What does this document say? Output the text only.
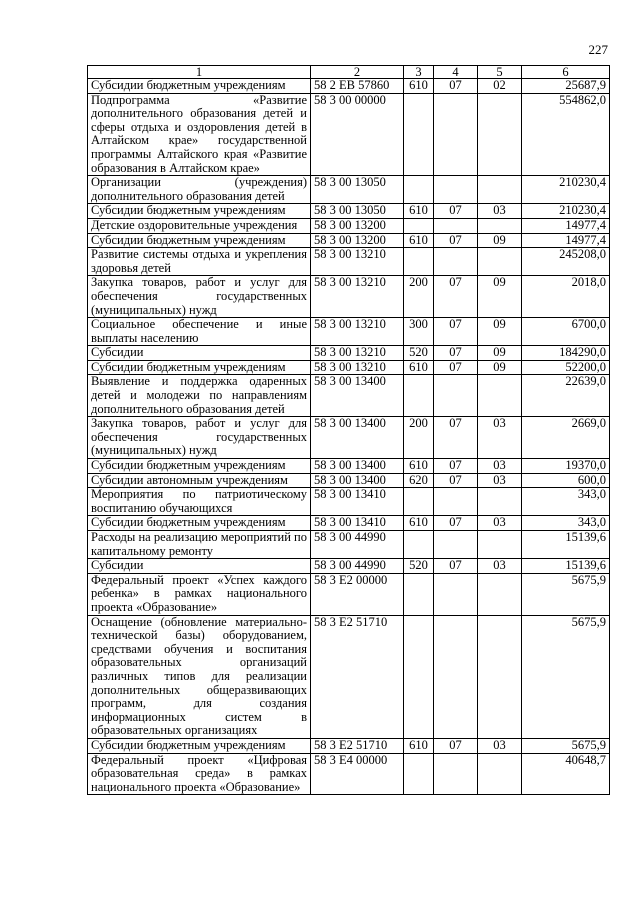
227
1	2	3	4	5	6
Субсидии бюджетным учреждениям	58 2 EB 57860	610	07	02	25687,9
Подпрограмма «Развитие дополнительного образования детей и сферы отдыха и оздоровления детей в Алтайском крае» государственной программы Алтайского края «Развитие образования в Алтайском крае»	58 3 00 00000				554862,0
Организации (учреждения) дополнительного образования детей	58 3 00 13050				210230,4
Субсидии бюджетным учреждениям	58 3 00 13050	610	07	03	210230,4
Детские оздоровительные учреждения	58 3 00 13200				14977,4
Субсидии бюджетным учреждениям	58 3 00 13200	610	07	09	14977,4
Развитие системы отдыха и укрепления здоровья детей	58 3 00 13210				245208,0
Закупка товаров, работ и услуг для обеспечения государственных (муниципальных) нужд	58 3 00 13210	200	07	09	2018,0
Социальное обеспечение и иные выплаты населению	58 3 00 13210	300	07	09	6700,0
Субсидии	58 3 00 13210	520	07	09	184290,0
Субсидии бюджетным учреждениям	58 3 00 13210	610	07	09	52200,0
Выявление и поддержка одаренных детей и молодежи по направлениям дополнительного образования детей	58 3 00 13400				22639,0
Закупка товаров, работ и услуг для обеспечения государственных (муниципальных) нужд	58 3 00 13400	200	07	03	2669,0
Субсидии бюджетным учреждениям	58 3 00 13400	610	07	03	19370,0
Субсидии автономным учреждениям	58 3 00 13400	620	07	03	600,0
Мероприятия по патриотическому воспитанию обучающихся	58 3 00 13410				343,0
Субсидии бюджетным учреждениям	58 3 00 13410	610	07	03	343,0
Расходы на реализацию мероприятий по капитальному ремонту	58 3 00 44990				15139,6
Субсидии	58 3 00 44990	520	07	03	15139,6
Федеральный проект «Успех каждого ребенка» в рамках национального проекта «Образование»	58 3 E2 00000				5675,9
Оснащение (обновление материально-технической базы) оборудованием, средствами обучения и воспитания образовательных организаций различных типов для реализации дополнительных общеразвивающих программ, для создания информационных систем в образовательных организациях	58 3 E2 51710				5675,9
Субсидии бюджетным учреждениям	58 3 E2 51710	610	07	03	5675,9
Федеральный проект «Цифровая образовательная среда» в рамках национального проекта «Образование»	58 3 E4 00000				40648,7
